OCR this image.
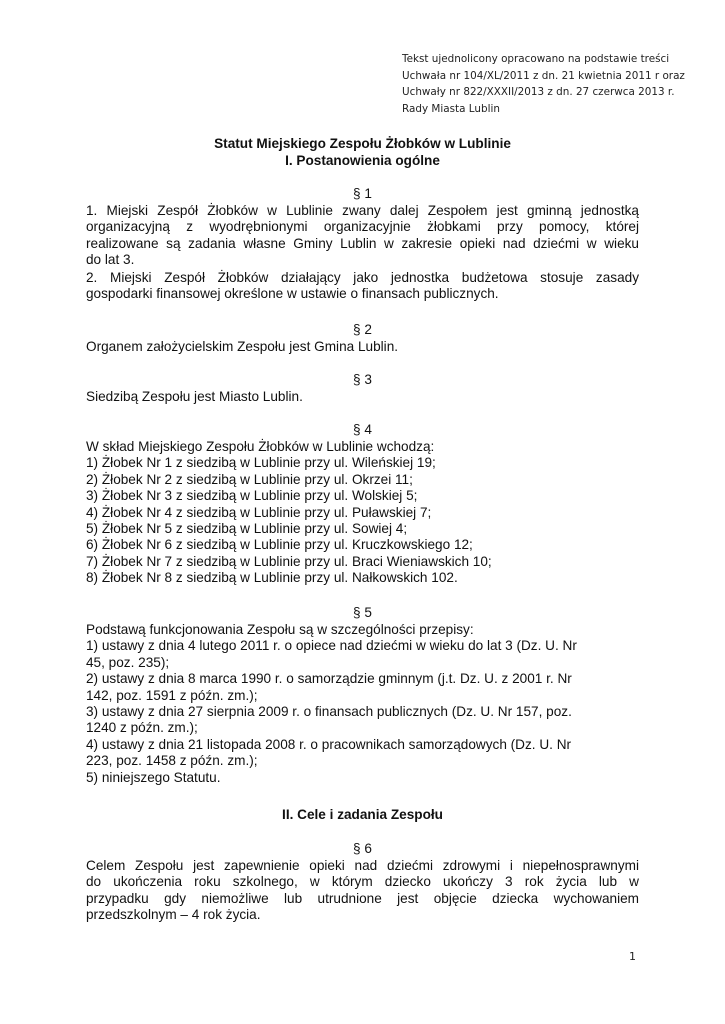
Tekst ujednolicony opracowano na podstawie treści
Uchwała nr 104/XL/2011 z dn. 21 kwietnia 2011 r oraz
Uchwały nr 822/XXXII/2013 z dn. 27 czerwca 2013 r.
Rady Miasta Lublin
Statut Miejskiego Zespołu Żłobków w Lublinie
I. Postanowienia ogólne
§ 1
1. Miejski Zespół Żłobków w Lublinie zwany dalej Zespołem jest gminną jednostką
organizacyjną z wyodrębnionymi organizacyjnie żłobkami przy pomocy, której
realizowane są zadania własne Gminy Lublin w zakresie opieki nad dziećmi w wieku
do lat 3.
2. Miejski Zespół Żłobków działający jako jednostka budżetowa stosuje zasady
gospodarki finansowej określone w ustawie o finansach publicznych.
§ 2
Organem założycielskim Zespołu jest Gmina Lublin.
§ 3
Siedzibą Zespołu jest Miasto Lublin.
§ 4
W skład Miejskiego Zespołu Żłobków w Lublinie wchodzą:
1) Żłobek Nr 1 z siedzibą w Lublinie przy ul. Wileńskiej 19;
2) Żłobek Nr 2 z siedzibą w Lublinie przy ul. Okrzei 11;
3) Żłobek Nr 3 z siedzibą w Lublinie przy ul. Wolskiej 5;
4) Żłobek Nr 4 z siedzibą w Lublinie przy ul. Puławskiej 7;
5) Żłobek Nr 5 z siedzibą w Lublinie przy ul. Sowiej 4;
6) Żłobek Nr 6 z siedzibą w Lublinie przy ul. Kruczkowskiego 12;
7) Żłobek Nr 7 z siedzibą w Lublinie przy ul. Braci Wieniawskich 10;
8) Żłobek Nr 8 z siedzibą w Lublinie przy ul. Nałkowskich 102.
§ 5
Podstawą funkcjonowania Zespołu są w szczególności przepisy:
1) ustawy z dnia 4 lutego 2011 r. o opiece nad dziećmi w wieku do lat 3 (Dz. U. Nr
45, poz. 235);
2) ustawy z dnia 8 marca 1990 r. o samorządzie gminnym (j.t. Dz. U. z 2001 r. Nr
142, poz. 1591 z późn. zm.);
3) ustawy z dnia 27 sierpnia 2009 r. o finansach publicznych (Dz. U. Nr 157, poz.
1240 z późn. zm.);
4) ustawy z dnia 21 listopada 2008 r. o pracownikach samorządowych (Dz. U. Nr
223, poz. 1458 z późn. zm.);
5) niniejszego Statutu.
II. Cele i zadania Zespołu
§ 6
Celem Zespołu jest zapewnienie opieki nad dziećmi zdrowymi i niepełnosprawnymi
do ukończenia roku szkolnego, w którym dziecko ukończy 3 rok życia lub w
przypadku gdy niemożliwe lub utrudnione jest objęcie dziecka wychowaniem
przedszkolnym – 4 rok życia.
1
